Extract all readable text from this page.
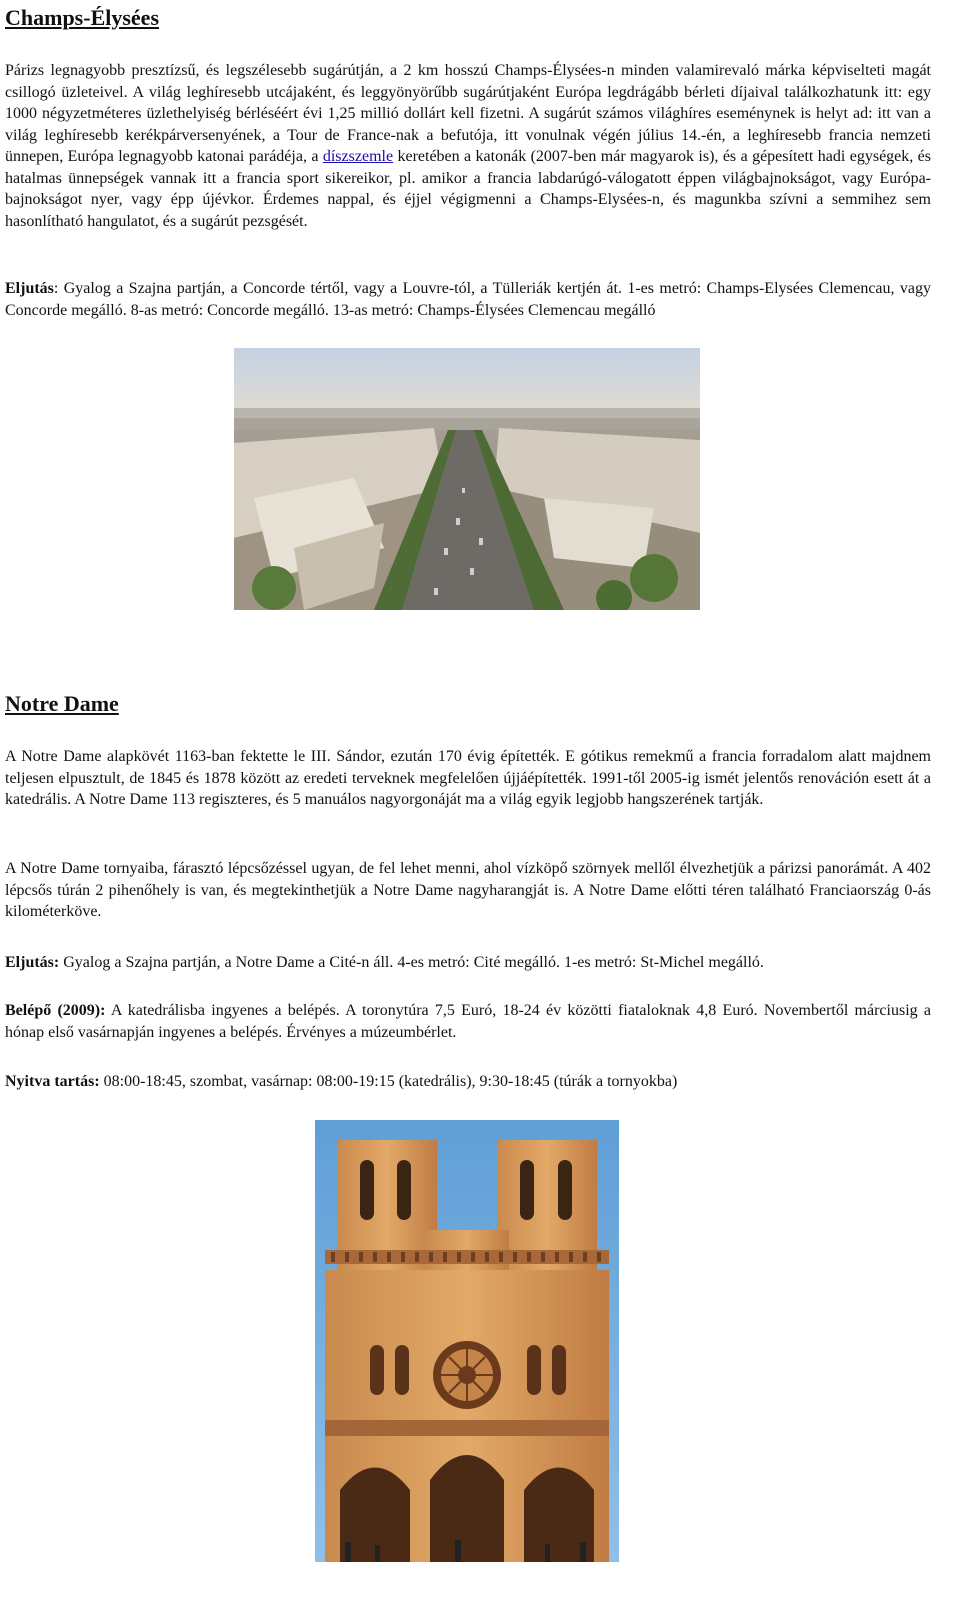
Champs-Élysées

Párizs legnagyobb presztízsű, és legszélesebb sugárútján, a 2 km hosszú Champs-Élysées-n minden valamirevaló márka képviselteti magát csillogó üzleteivel. A világ leghíresebb utcájaként, és leggyönyörűbb sugárútjaként Európa legdrágább bérleti díjaival találkozhatunk itt: egy 1000 négyzetméteres üzlethelyiség bérléséért évi 1,25 millió dollárt kell fizetni. A sugárút számos világhíres eseménynek is helyt ad: itt van a világ leghíresebb kerékpárversenyének, a Tour de France-nak a befutója, itt vonulnak végén július 14.-én, a leghíresebb francia nemzeti ünnepen, Európa legnagyobb katonai parádéja, a díszszemle keretében a katonák (2007-ben már magyarok is), és a gépesített hadi egységek, és hatalmas ünnepségek vannak itt a francia sport sikereikor, pl. amikor a francia labdarúgó-válogatott éppen világbajnokságot, vagy Európa-bajnokságot nyer, vagy épp újévkor. Érdemes nappal, és éjjel végigmenni a Champs-Elysées-n, és magunkba szívni a semmihez sem hasonlítható hangulatot, és a sugárút pezsgését.

Eljutás: Gyalog a Szajna partján, a Concorde tértől, vagy a Louvre-tól, a Tülleriák kertjén át. 1-es metró: Champs-Elysées Clemencau, vagy Concorde megálló. 8-as metró: Concorde megálló. 13-as metró: Champs-Élysées Clemencau megálló

Notre Dame

A Notre Dame alapkövét 1163-ban fektette le III. Sándor, ezután 170 évig építették. E gótikus remekmű a francia forradalom alatt majdnem teljesen elpusztult, de 1845 és 1878 között az eredeti terveknek megfelelően újjáépítették. 1991-től 2005-ig ismét jelentős renováción esett át a katedrális. A Notre Dame 113 regiszteres, és 5 manuálos nagyorgonáját ma a világ egyik legjobb hangszerének tartják.

A Notre Dame tornyaiba, fárasztó lépcsőzéssel ugyan, de fel lehet menni, ahol vízköpő szörnyek mellől élvezhetjük a párizsi panorámát. A 402 lépcsős túrán 2 pihenőhely is van, és megtekinthetjük a Notre Dame nagyharangját is. A Notre Dame előtti téren található Franciaország 0-ás kilométerköve.

Eljutás: Gyalog a Szajna partján, a Notre Dame a Cité-n áll. 4-es metró: Cité megálló. 1-es metró: St-Michel megálló.

Belépő (2009): A katedrálisba ingyenes a belépés. A toronytúra 7,5 Euró, 18-24 év közötti fiataloknak 4,8 Euró. Novembertől márciusig a hónap első vasárnapján ingyenes a belépés. Érvényes a múzeumbérlet.

Nyitva tartás: 08:00-18:45, szombat, vasárnap: 08:00-19:15 (katedrális), 9:30-18:45 (túrák a tornyokba)
